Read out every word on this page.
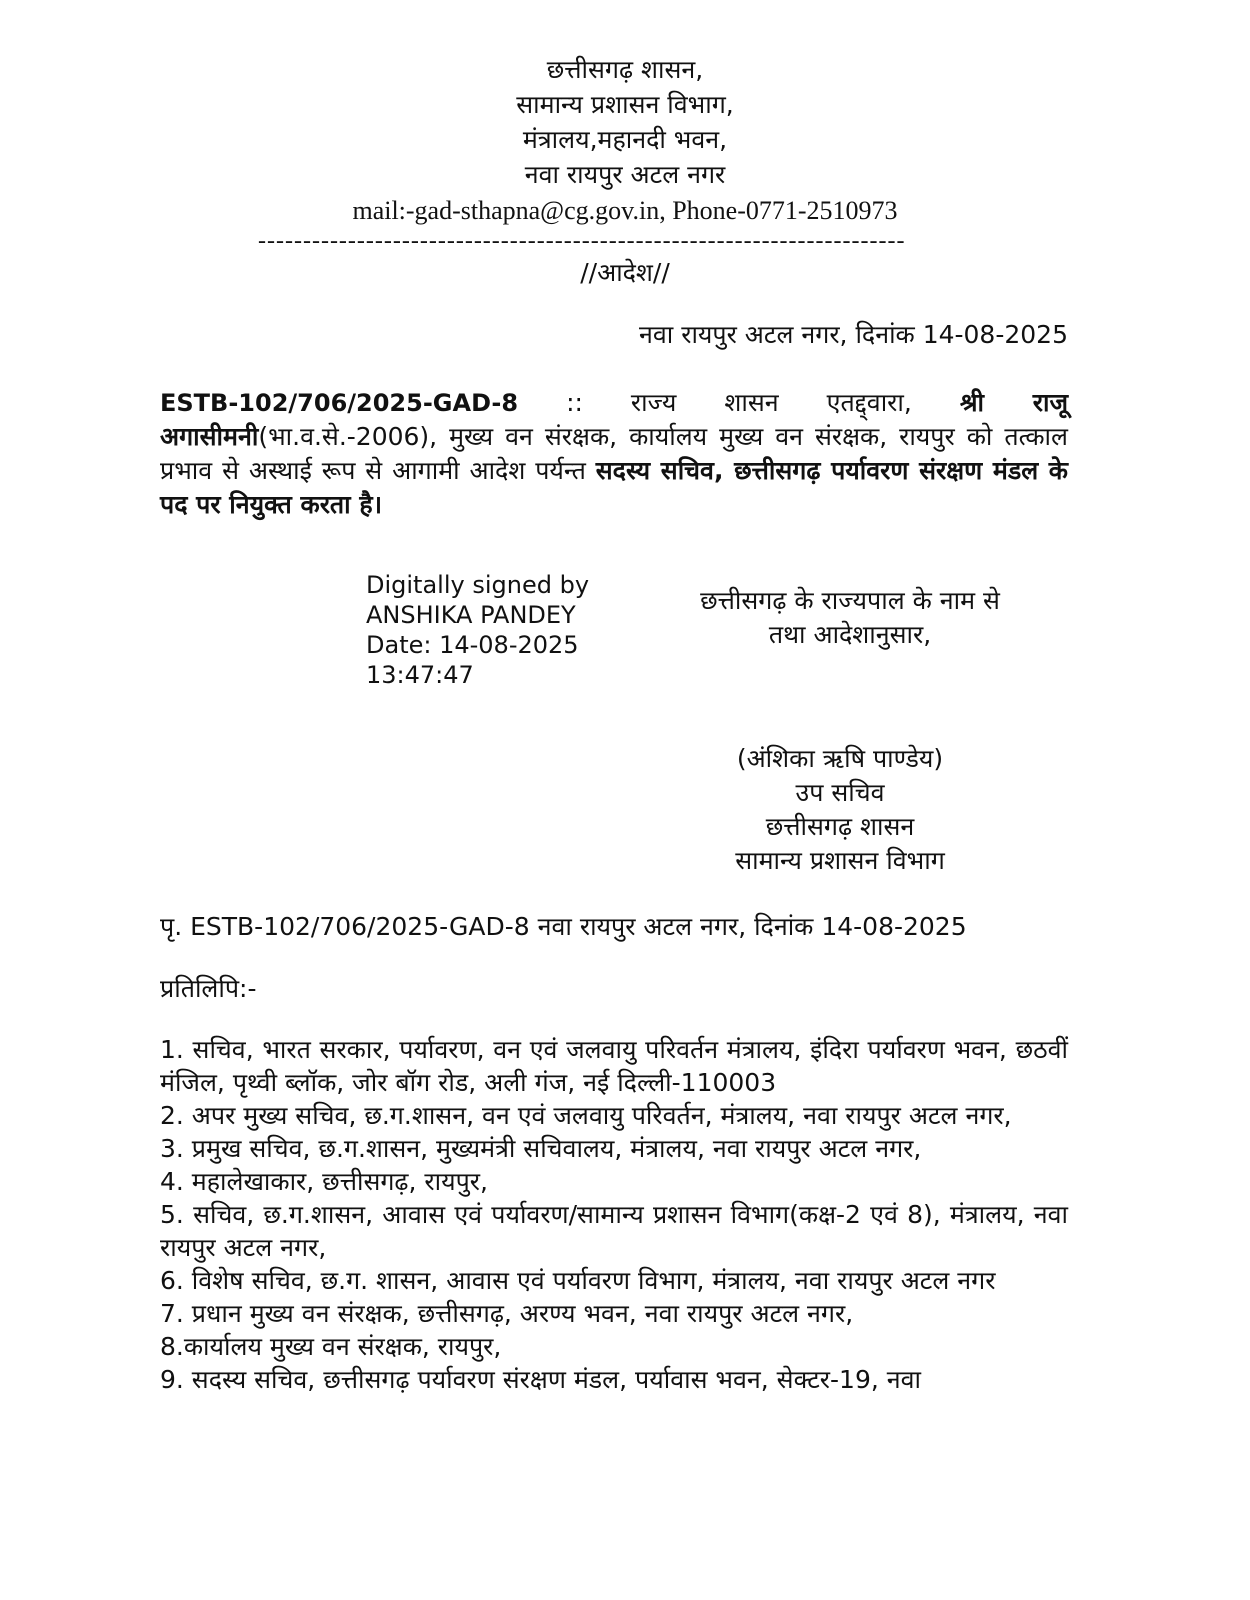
छत्तीसगढ़ शासन,
सामान्य प्रशासन विभाग,
मंत्रालय,महानदी भवन,
नवा रायपुर अटल नगर
mail:-gad-sthapna@cg.gov.in, Phone-0771-2510973
------------------------------------------------------------------------
//आदेश//
नवा रायपुर अटल नगर, दिनांक 14-08-2025
ESTB-102/706/2025-GAD-8 :: राज्य शासन एतद्द्वारा, श्री राजू अगासीमनी(भा.व.से.-2006), मुख्य वन संरक्षक, कार्यालय मुख्य वन संरक्षक, रायपुर को तत्काल प्रभाव से अस्थाई रूप से आगामी आदेश पर्यन्त सदस्य सचिव, छत्तीसगढ़ पर्यावरण संरक्षण मंडल के पद पर नियुक्त करता है।
Digitally signed by
ANSHIKA PANDEY
Date: 14-08-2025
13:47:47
छत्तीसगढ़ के राज्यपाल के नाम से
तथा आदेशानुसार,
(अंशिका ऋषि पाण्डेय)
उप सचिव
छत्तीसगढ़ शासन
सामान्य प्रशासन विभाग
पृ. ESTB-102/706/2025-GAD-8 नवा रायपुर अटल नगर, दिनांक 14-08-2025
प्रतिलिपि:-
1. सचिव, भारत सरकार, पर्यावरण, वन एवं जलवायु परिवर्तन मंत्रालय, इंदिरा पर्यावरण भवन, छठवीं मंजिल, पृथ्वी ब्लॉक, जोर बॉग रोड, अली गंज, नई दिल्ली-110003
2. अपर मुख्य सचिव, छ.ग.शासन, वन एवं जलवायु परिवर्तन, मंत्रालय, नवा रायपुर अटल नगर,
3. प्रमुख सचिव, छ.ग.शासन, मुख्यमंत्री सचिवालय, मंत्रालय, नवा रायपुर अटल नगर,
4. महालेखाकार, छत्तीसगढ़, रायपुर,
5. सचिव, छ.ग.शासन, आवास एवं पर्यावरण/सामान्य प्रशासन विभाग(कक्ष-2 एवं 8), मंत्रालय, नवा रायपुर अटल नगर,
6. विशेष सचिव, छ.ग. शासन, आवास एवं पर्यावरण विभाग, मंत्रालय, नवा रायपुर अटल नगर
7. प्रधान मुख्य वन संरक्षक, छत्तीसगढ़, अरण्य भवन, नवा रायपुर अटल नगर,
8.कार्यालय मुख्य वन संरक्षक, रायपुर,
9. सदस्य सचिव, छत्तीसगढ़ पर्यावरण संरक्षण मंडल, पर्यावास भवन, सेक्टर-19, नवा
